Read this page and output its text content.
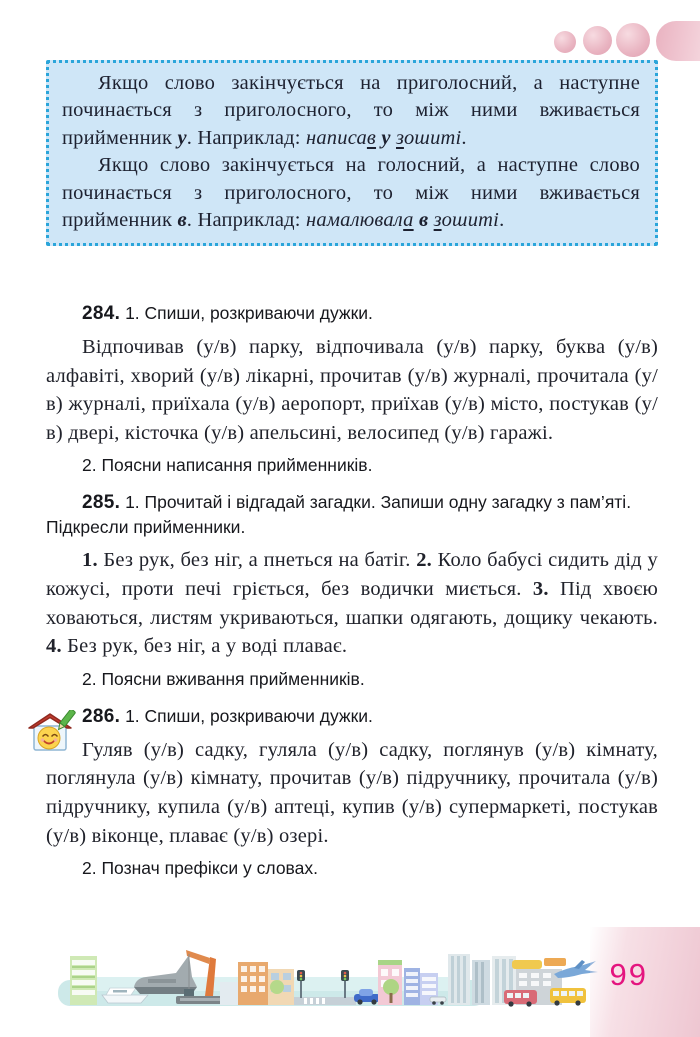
Якщо слово закінчується на приголосний, а наступне починається з приголосного, то між ними вживається прийменник у. Наприклад: написав у зошиті.

Якщо слово закінчується на голосний, а наступне слово починається з приголосного, то між ними вживається прийменник в. Наприклад: намалювала в зошиті.

284. 1. Спиши, розкриваючи дужки.

Відпочивав (у/в) парку, відпочивала (у/в) парку, буква (у/в) алфавіті, хворий (у/в) лікарні, прочитав (у/в) журналі, прочитала (у/в) журналі, приїхала (у/в) аеропорт, приїхав (у/в) місто, постукав (у/в) двері, кісточка (у/в) апельсині, велосипед (у/в) гаражі.

2. Поясни написання прийменників.

285. 1. Прочитай і відгадай загадки. Запиши одну загадку з пам’яті. Підкресли прийменники.

1. Без рук, без ніг, а пнеться на батіг. 2. Коло бабусі сидить дід у кожусі, проти печі гріється, без водички миється. 3. Під хвоєю ховаються, листям укриваються, шапки одягають, дощику чекають. 4. Без рук, без ніг, а у воді плаває.

2. Поясни вживання прийменників.

286. 1. Спиши, розкриваючи дужки.

Гуляв (у/в) садку, гуляла (у/в) садку, поглянув (у/в) кімнату, поглянула (у/в) кімнату, прочитав (у/в) підручнику, прочитала (у/в) підручнику, купила (у/в) аптеці, купив (у/в) супермаркеті, постукав (у/в) віконце, плаває (у/в) озері.

2. Познач префікси у словах.

99
